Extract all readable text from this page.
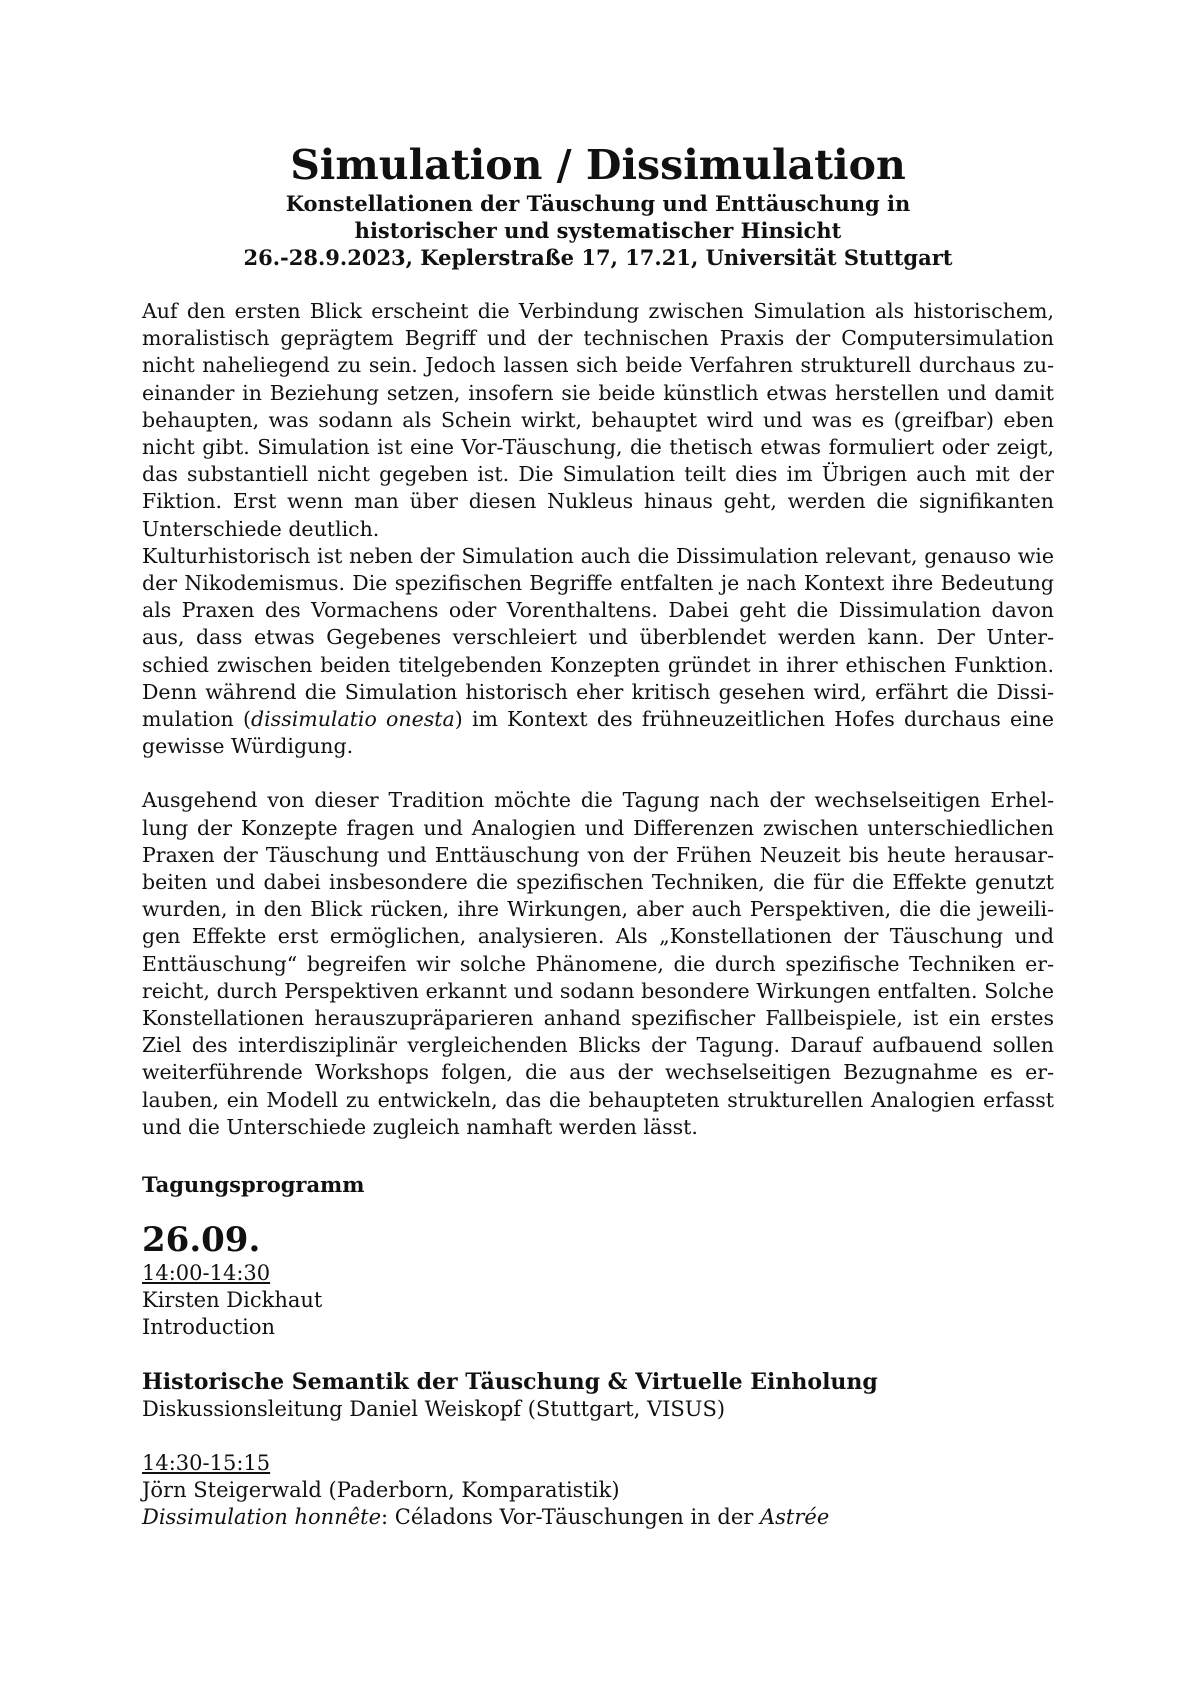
Simulation / Dissimulation

Konstellationen der Täuschung und Enttäuschung in

historischer und systematischer Hinsicht

26.-28.9.2023, Keplerstraße 17, 17.21, Universität Stuttgart

Auf den ersten Blick erscheint die Verbindung zwischen Simulation als historischem, moralistisch geprägtem Begriff und der technischen Praxis der Computersimulation nicht naheliegend zu sein. Jedoch lassen sich beide Verfahren strukturell durchaus zueinander in Beziehung setzen, insofern sie beide künstlich etwas herstellen und damit behaupten, was sodann als Schein wirkt, behauptet wird und was es (greifbar) eben nicht gibt. Simulation ist eine Vor-Täuschung, die thetisch etwas formuliert oder zeigt, das substantiell nicht gegeben ist. Die Simulation teilt dies im Übrigen auch mit der Fiktion. Erst wenn man über diesen Nukleus hinaus geht, werden die signifikanten Unterschiede deutlich.

Kulturhistorisch ist neben der Simulation auch die Dissimulation relevant, genauso wie der Nikodemismus. Die spezifischen Begriffe entfalten je nach Kontext ihre Bedeutung als Praxen des Vormachens oder Vorenthaltens. Dabei geht die Dissimulation davon aus, dass etwas Gegebenes verschleiert und überblendet werden kann. Der Unterschied zwischen beiden titelgebenden Konzepten gründet in ihrer ethischen Funktion. Denn während die Simulation historisch eher kritisch gesehen wird, erfährt die Dissimulation (dissimulatio onesta) im Kontext des frühneuzeitlichen Hofes durchaus eine gewisse Würdigung.

Ausgehend von dieser Tradition möchte die Tagung nach der wechselseitigen Erhellung der Konzepte fragen und Analogien und Differenzen zwischen unterschiedlichen Praxen der Täuschung und Enttäuschung von der Frühen Neuzeit bis heute herausarbeiten und dabei insbesondere die spezifischen Techniken, die für die Effekte genutzt wurden, in den Blick rücken, ihre Wirkungen, aber auch Perspektiven, die die jeweiligen Effekte erst ermöglichen, analysieren. Als „Konstellationen der Täuschung und Enttäuschung“ begreifen wir solche Phänomene, die durch spezifische Techniken erreicht, durch Perspektiven erkannt und sodann besondere Wirkungen entfalten. Solche Konstellationen herauszupräparieren anhand spezifischer Fallbeispiele, ist ein erstes Ziel des interdisziplinär vergleichenden Blicks der Tagung. Darauf aufbauend sollen weiterführende Workshops folgen, die aus der wechselseitigen Bezugnahme es erlauben, ein Modell zu entwickeln, das die behaupteten strukturellen Analogien erfasst und die Unterschiede zugleich namhaft werden lässt.

Tagungsprogramm

26.09.

14:00-14:30

Kirsten Dickhaut

Introduction

Historische Semantik der Täuschung & Virtuelle Einholung

Diskussionsleitung Daniel Weiskopf (Stuttgart, VISUS)

14:30-15:15

Jörn Steigerwald (Paderborn, Komparatistik)

Dissimulation honnête: Céladons Vor-Täuschungen in der Astrée
